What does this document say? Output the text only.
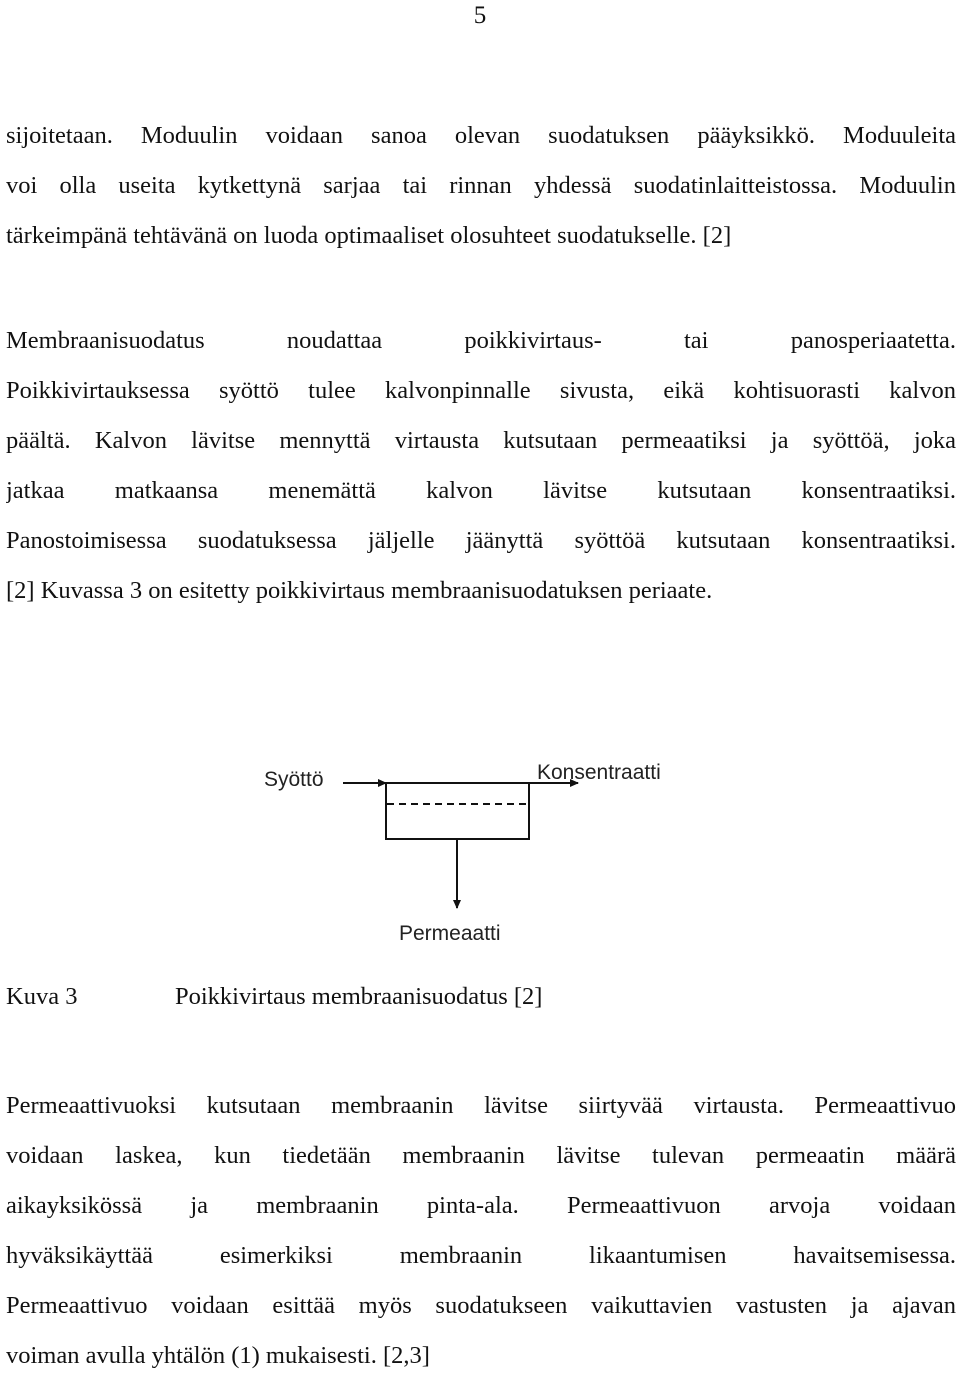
5
sijoitetaan. Moduulin voidaan sanoa olevan suodatuksen pääyksikkö. Moduuleita
voi olla useita kytkettynä sarjaa tai rinnan yhdessä suodatinlaitteistossa. Moduulin
tärkeimpänä tehtävänä on luoda optimaaliset olosuhteet suodatukselle. [2]
Membraanisuodatus noudattaa poikkivirtaus- tai panosperiaatetta.
Poikkivirtauksessa syöttö tulee kalvonpinnalle sivusta, eikä kohtisuorasti kalvon
päältä. Kalvon lävitse mennyttä virtausta kutsutaan permeaatiksi ja syöttöä, joka
jatkaa matkaansa menemättä kalvon lävitse kutsutaan konsentraatiksi.
Panostoimisessa suodatuksessa jäljelle jäänyttä syöttöä kutsutaan konsentraatiksi.
[2] Kuvassa 3 on esitetty poikkivirtaus membraanisuodatuksen periaate.
Syöttö	Konsentraatti
Permeaatti
Kuva 3	Poikkivirtaus membraanisuodatus [2]
Permeaattivuoksi kutsutaan membraanin lävitse siirtyvää virtausta. Permeaattivuo
voidaan laskea, kun tiedetään membraanin lävitse tulevan permeaatin määrä
aikayksikössä ja membraanin pinta-ala. Permeaattivuon arvoja voidaan
hyväksikäyttää esimerkiksi membraanin likaantumisen havaitsemisessa.
Permeaattivuo voidaan esittää myös suodatukseen vaikuttavien vastusten ja ajavan
voiman avulla yhtälön (1) mukaisesti. [2,3]
